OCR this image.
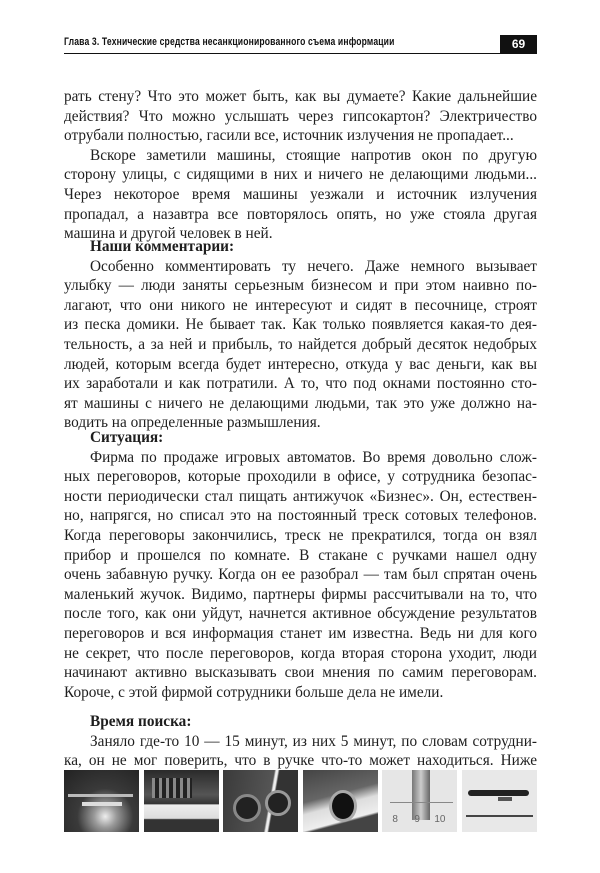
Глава 3. Технические средства несанкционированного съема информации	69
рать стену? Что это может быть, как вы думаете? Какие дальнейшие
действия? Что можно услышать через гипсокартон? Электричество
отрубали полностью, гасили все, источник излучения не пропадает...
Вскоре заметили машины, стоящие напротив окон по другую
сторону улицы, с сидящими в них и ничего не делающими людьми...
Через некоторое время машины уезжали и источник излучения
пропадал, а назавтра все повторялось опять, но уже стояла другая
машина и другой человек в ней.
Наши комментарии:
Особенно комментировать ту нечего. Даже немного вызывает
улыбку — люди заняты серьезным бизнесом и при этом наивно по-
лагают, что они никого не интересуют и сидят в песочнице, строят
из песка домики. Не бывает так. Как только появляется какая-то дея-
тельность, а за ней и прибыль, то найдется добрый десяток недобрых
людей, которым всегда будет интересно, откуда у вас деньги, как вы
их заработали и как потратили. А то, что под окнами постоянно сто-
ят машины с ничего не делающими людьми, так это уже должно на-
водить на определенные размышления.
Ситуация:
Фирма по продаже игровых автоматов. Во время довольно слож-
ных переговоров, которые проходили в офисе, у сотрудника безопас-
ности периодически стал пищать антижучок «Бизнес». Он, естествен-
но, напрягся, но списал это на постоянный треск сотовых телефонов.
Когда переговоры закончились, треск не прекратился, тогда он взял
прибор и прошелся по комнате. В стакане с ручками нашел одну
очень забавную ручку. Когда он ее разобрал — там был спрятан очень
маленький жучок. Видимо, партнеры фирмы рассчитывали на то, что
после того, как они уйдут, начнется активное обсуждение результатов
переговоров и вся информация станет им известна. Ведь ни для кого
не секрет, что после переговоров, когда вторая сторона уходит, люди
начинают активно высказывать свои мнения по самим переговорам.
Короче, с этой фирмой сотрудники больше дела не имели.
Время поиска:
Заняло где-то 10 — 15 минут, из них 5 минут, по словам сотрудни-
ка, он не мог поверить, что в ручке что-то может находиться. Ниже
8 9 10
